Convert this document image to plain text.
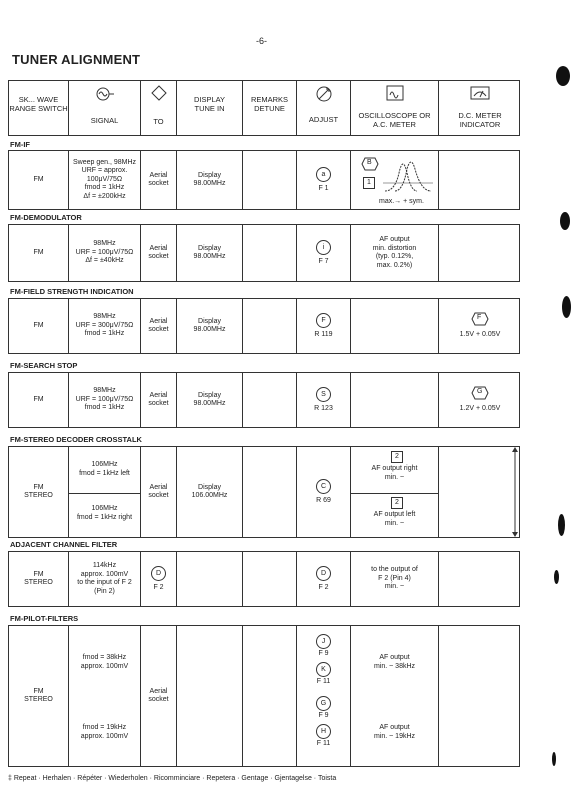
-6-
TUNER ALIGNMENT
SK... WAVE RANGE SWITCH
SIGNAL	TO
DISPLAY TUNE IN
REMARKS DETUNE
ADJUST	OSCILLOSCOPE OR A.C. METER
D.C. METER INDICATOR
FM-IF
FM
Sweep gen., 98MHz
URF = approx. 100μV/75Ω
fmod = 1kHz
Δf = ±200kHz
Aerial socket
Display 98.00MHz
a
F 1
B
1
max.→ + sym.
FM-DEMODULATOR
FM
98MHz
URF = 100μV/75Ω
Δf = ±40kHz
Aerial socket
Display 98.00MHz
i
F 7
AF output
min. distortion
(typ. 0.12%,
max. 0.2%)
FM-FIELD STRENGTH INDICATION
FM
98MHz
URF = 300μV/75Ω
fmod = 1kHz
Aerial socket
Display 98.00MHz
F
R 119
F
1.5V + 0.05V
FM-SEARCH STOP
FM
98MHz
URF = 100μV/75Ω
fmod = 1kHz
Aerial socket
Display 98.00MHz
S
R 123
G
1.2V + 0.05V
FM-STEREO DECODER CROSSTALK
FM
STEREO
106MHz
fmod = 1kHz left
106MHz
fmod = 1kHz right
Aerial socket
Display 106.00MHz
C
R 69
2
AF output right
min. ~
2
AF output left
min. ~
ADJACENT CHANNEL FILTER
FM
STEREO
114kHz
approx. 100mV
to the input of F 2
(Pin 2)
D
F 2
D
F 2
to the output of
F 2 (Pin 4)
min. ~
FM-PILOT-FILTERS
FM
STEREO
fmod = 38kHz
approx. 100mV
fmod = 19kHz
approx. 100mV
Aerial socket
J
F 9
K
F 11
G
F 9
H
F 11
AF output
min. ~ 38kHz
AF output
min. ~ 19kHz
‡ Repeat · Herhalen · Répéter · Wiederholen · Ricomminciare · Repetera · Gentage · Gjentagelse · Toista
